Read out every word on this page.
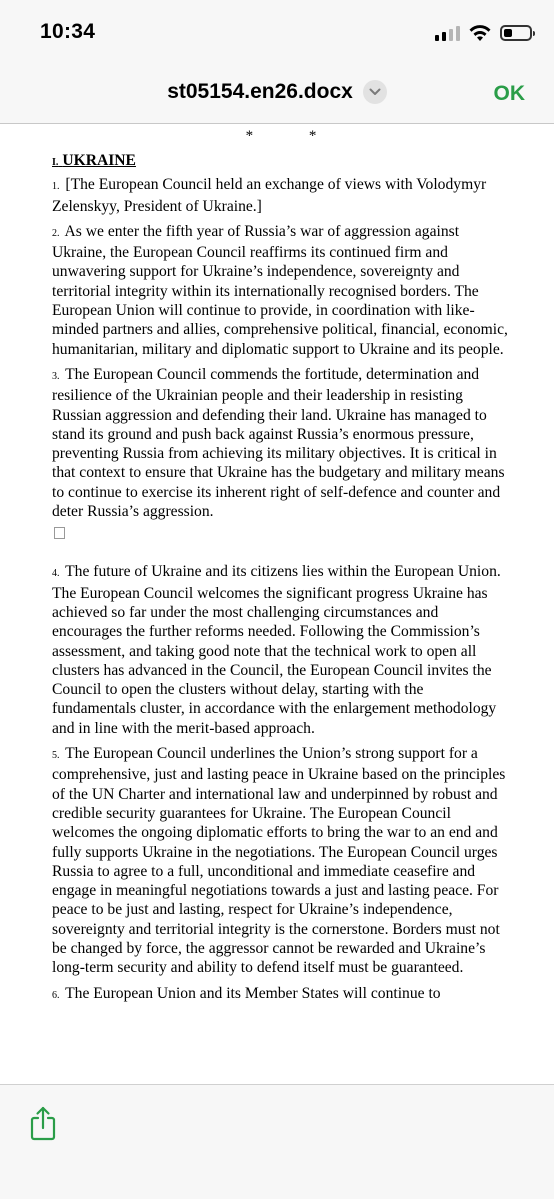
10:34
st05154.en26.docx	OK
* *
I. UKRAINE

1. [The European Council held an exchange of views with Volodymyr Zelenskyy, President of Ukraine.]

2. As we enter the fifth year of Russia’s war of aggression against Ukraine, the European Council reaffirms its continued firm and unwavering support for Ukraine’s independence, sovereignty and territorial integrity within its internationally recognised borders. The European Union will continue to provide, in coordination with like-minded partners and allies, comprehensive political, financial, economic, humanitarian, military and diplomatic support to Ukraine and its people.

3. The European Council commends the fortitude, determination and resilience of the Ukrainian people and their leadership in resisting Russian aggression and defending their land. Ukraine has managed to stand its ground and push back against Russia’s enormous pressure, preventing Russia from achieving its military objectives. It is critical in that context to ensure that Ukraine has the budgetary and military means to continue to exercise its inherent right of self-defence and counter and deter Russia’s aggression.

4. The future of Ukraine and its citizens lies within the European Union. The European Council welcomes the significant progress Ukraine has achieved so far under the most challenging circumstances and encourages the further reforms needed. Following the Commission’s assessment, and taking good note that the technical work to open all clusters has advanced in the Council, the European Council invites the Council to open the clusters without delay, starting with the fundamentals cluster, in accordance with the enlargement methodology and in line with the merit-based approach.

5. The European Council underlines the Union’s strong support for a comprehensive, just and lasting peace in Ukraine based on the principles of the UN Charter and international law and underpinned by robust and credible security guarantees for Ukraine. The European Council welcomes the ongoing diplomatic efforts to bring the war to an end and fully supports Ukraine in the negotiations. The European Council urges Russia to agree to a full, unconditional and immediate ceasefire and engage in meaningful negotiations towards a just and lasting peace. For peace to be just and lasting, respect for Ukraine’s independence, sovereignty and territorial integrity is the cornerstone. Borders must not be changed by force, the aggressor cannot be rewarded and Ukraine’s long-term security and ability to defend itself must be guaranteed.

6. The European Union and its Member States will continue to
